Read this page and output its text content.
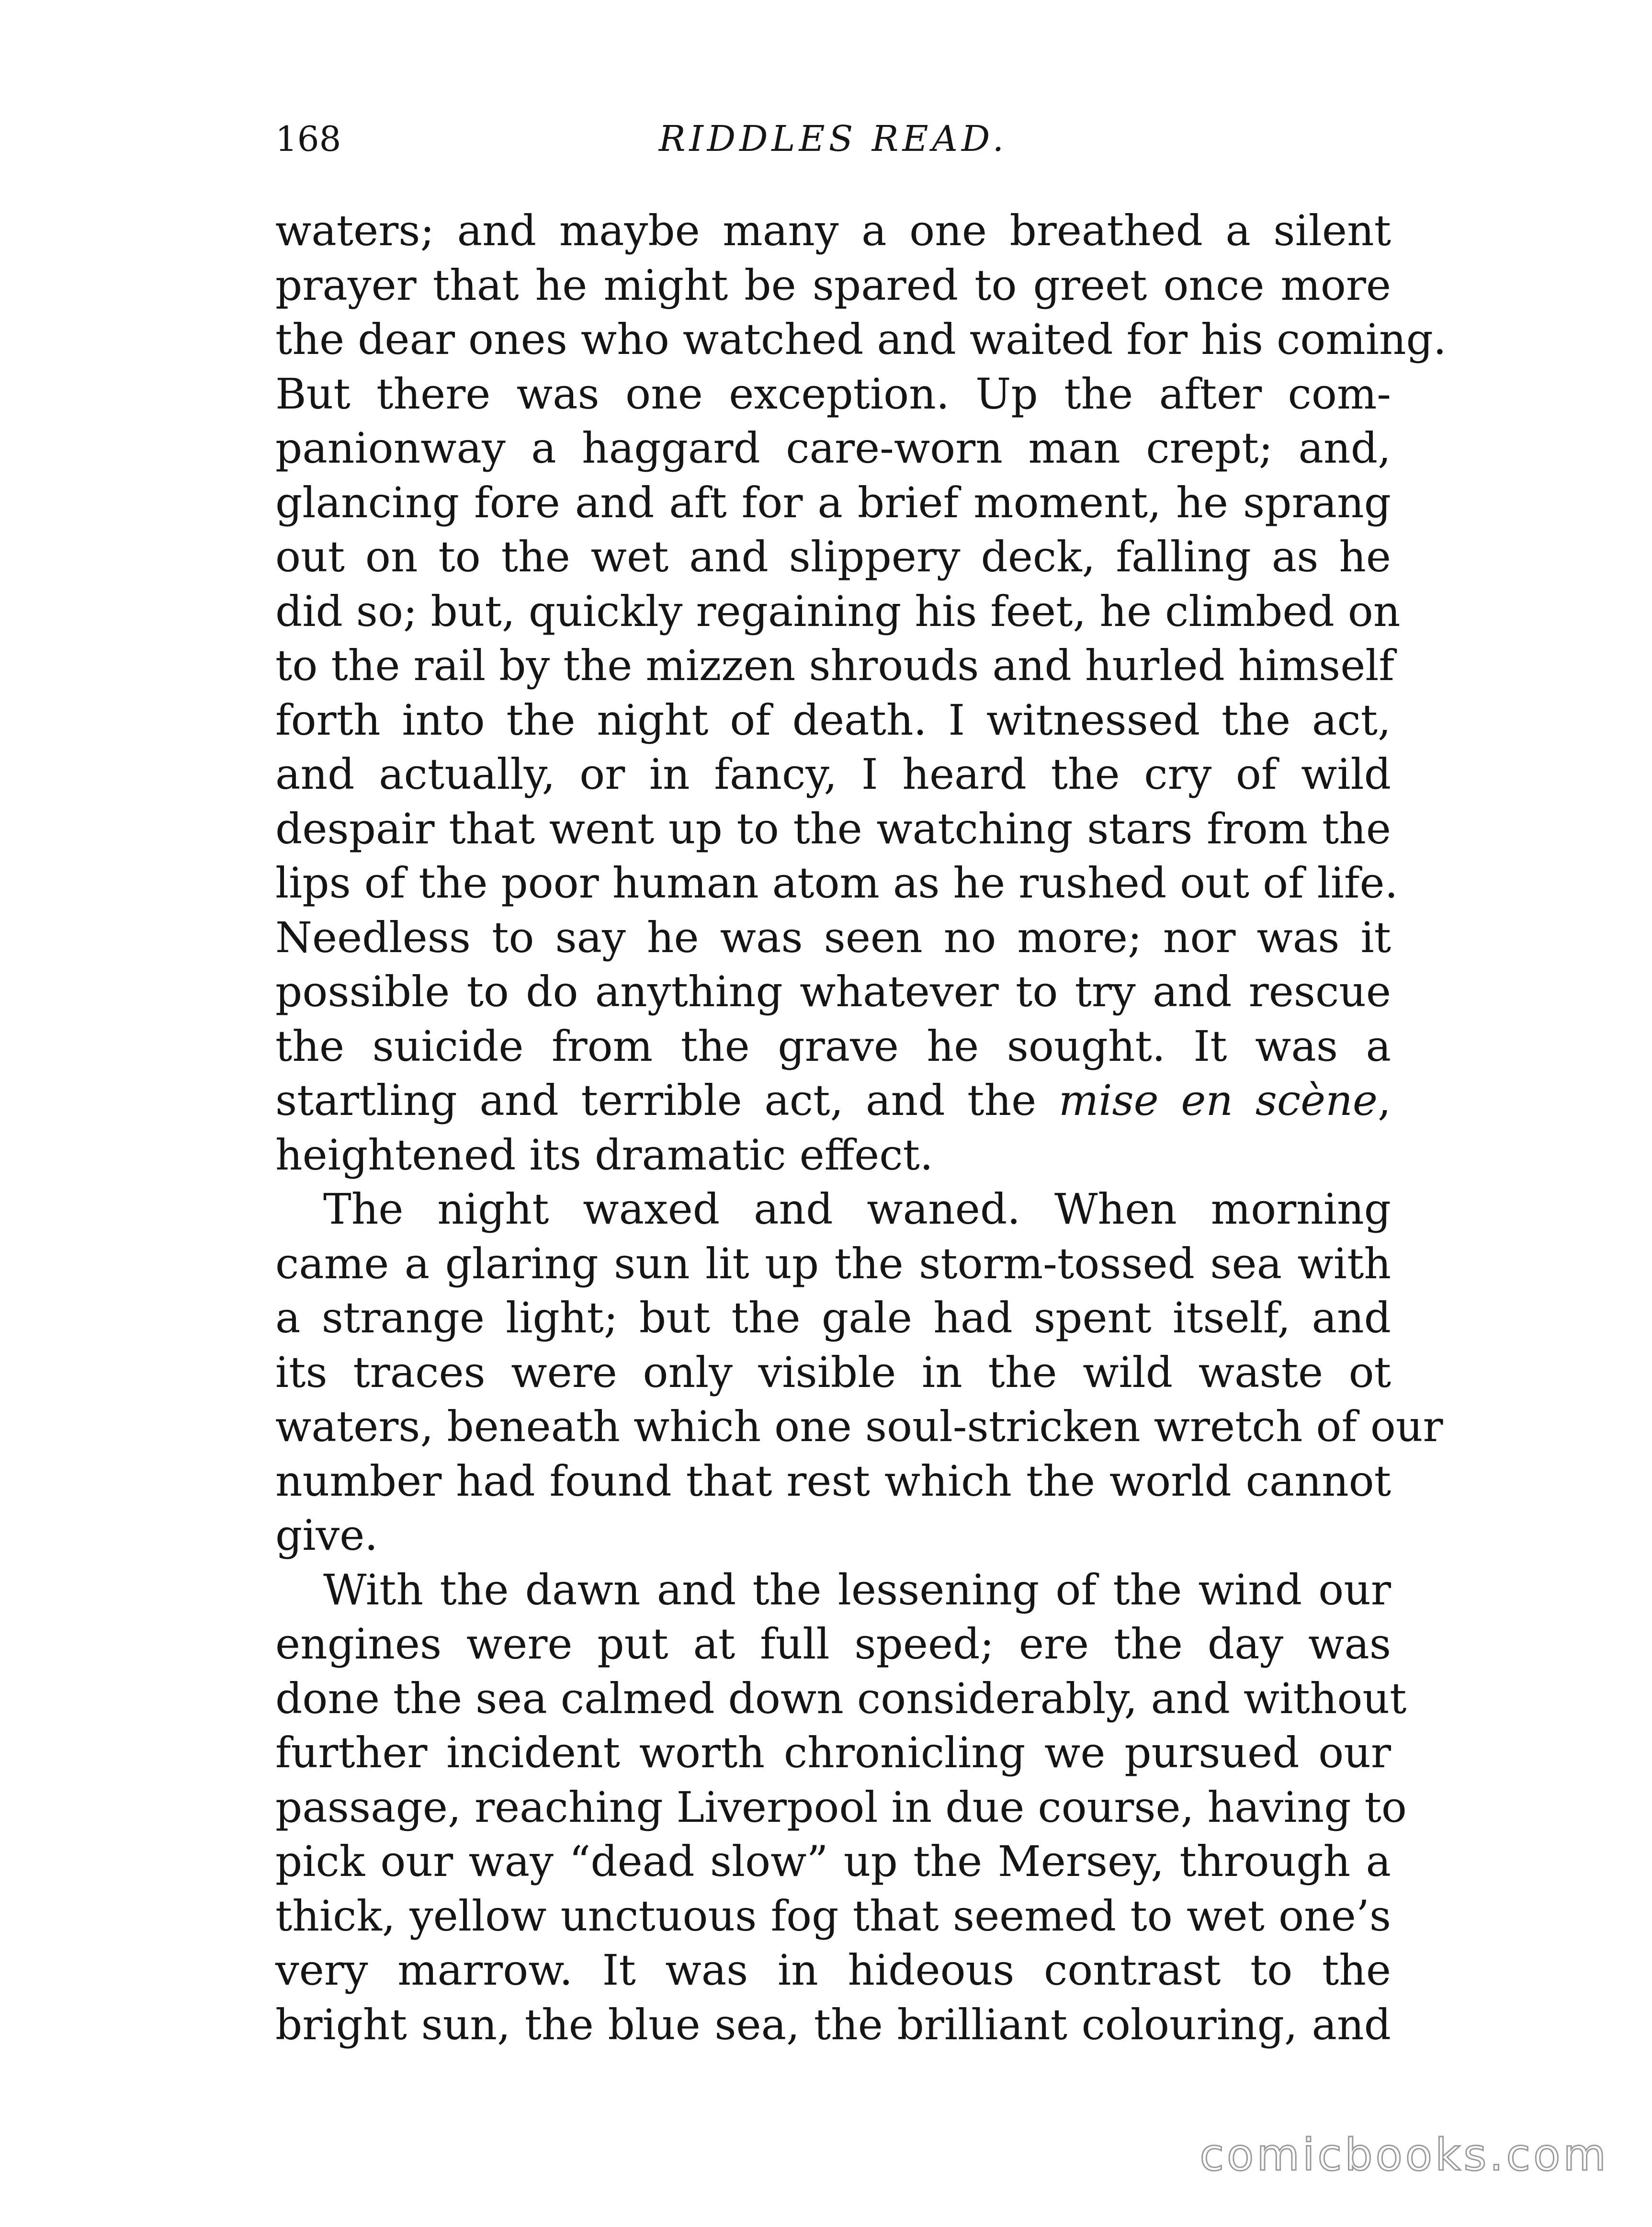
168	RIDDLES READ.
waters; and maybe many a one breathed a silent
prayer that he might be spared to greet once more
the dear ones who watched and waited for his coming.
But there was one exception. Up the after com-
panionway a haggard care-worn man crept; and,
glancing fore and aft for a brief moment, he sprang
out on to the wet and slippery deck, falling as he
did so; but, quickly regaining his feet, he climbed on
to the rail by the mizzen shrouds and hurled himself
forth into the night of death. I witnessed the act,
and actually, or in fancy, I heard the cry of wild
despair that went up to the watching stars from the
lips of the poor human atom as he rushed out of life.
Needless to say he was seen no more; nor was it
possible to do anything whatever to try and rescue
the suicide from the grave he sought. It was a
startling and terrible act, and the mise en scène,
heightened its dramatic effect.
The night waxed and waned. When morning
came a glaring sun lit up the storm-tossed sea with
a strange light; but the gale had spent itself, and
its traces were only visible in the wild waste ot
waters, beneath which one soul-stricken wretch of our
number had found that rest which the world cannot
give.
With the dawn and the lessening of the wind our
engines were put at full speed; ere the day was
done the sea calmed down considerably, and without
further incident worth chronicling we pursued our
passage, reaching Liverpool in due course, having to
pick our way “dead slow” up the Mersey, through a
thick, yellow unctuous fog that seemed to wet one’s
very marrow. It was in hideous contrast to the
bright sun, the blue sea, the brilliant colouring, and
comicbooks.com
